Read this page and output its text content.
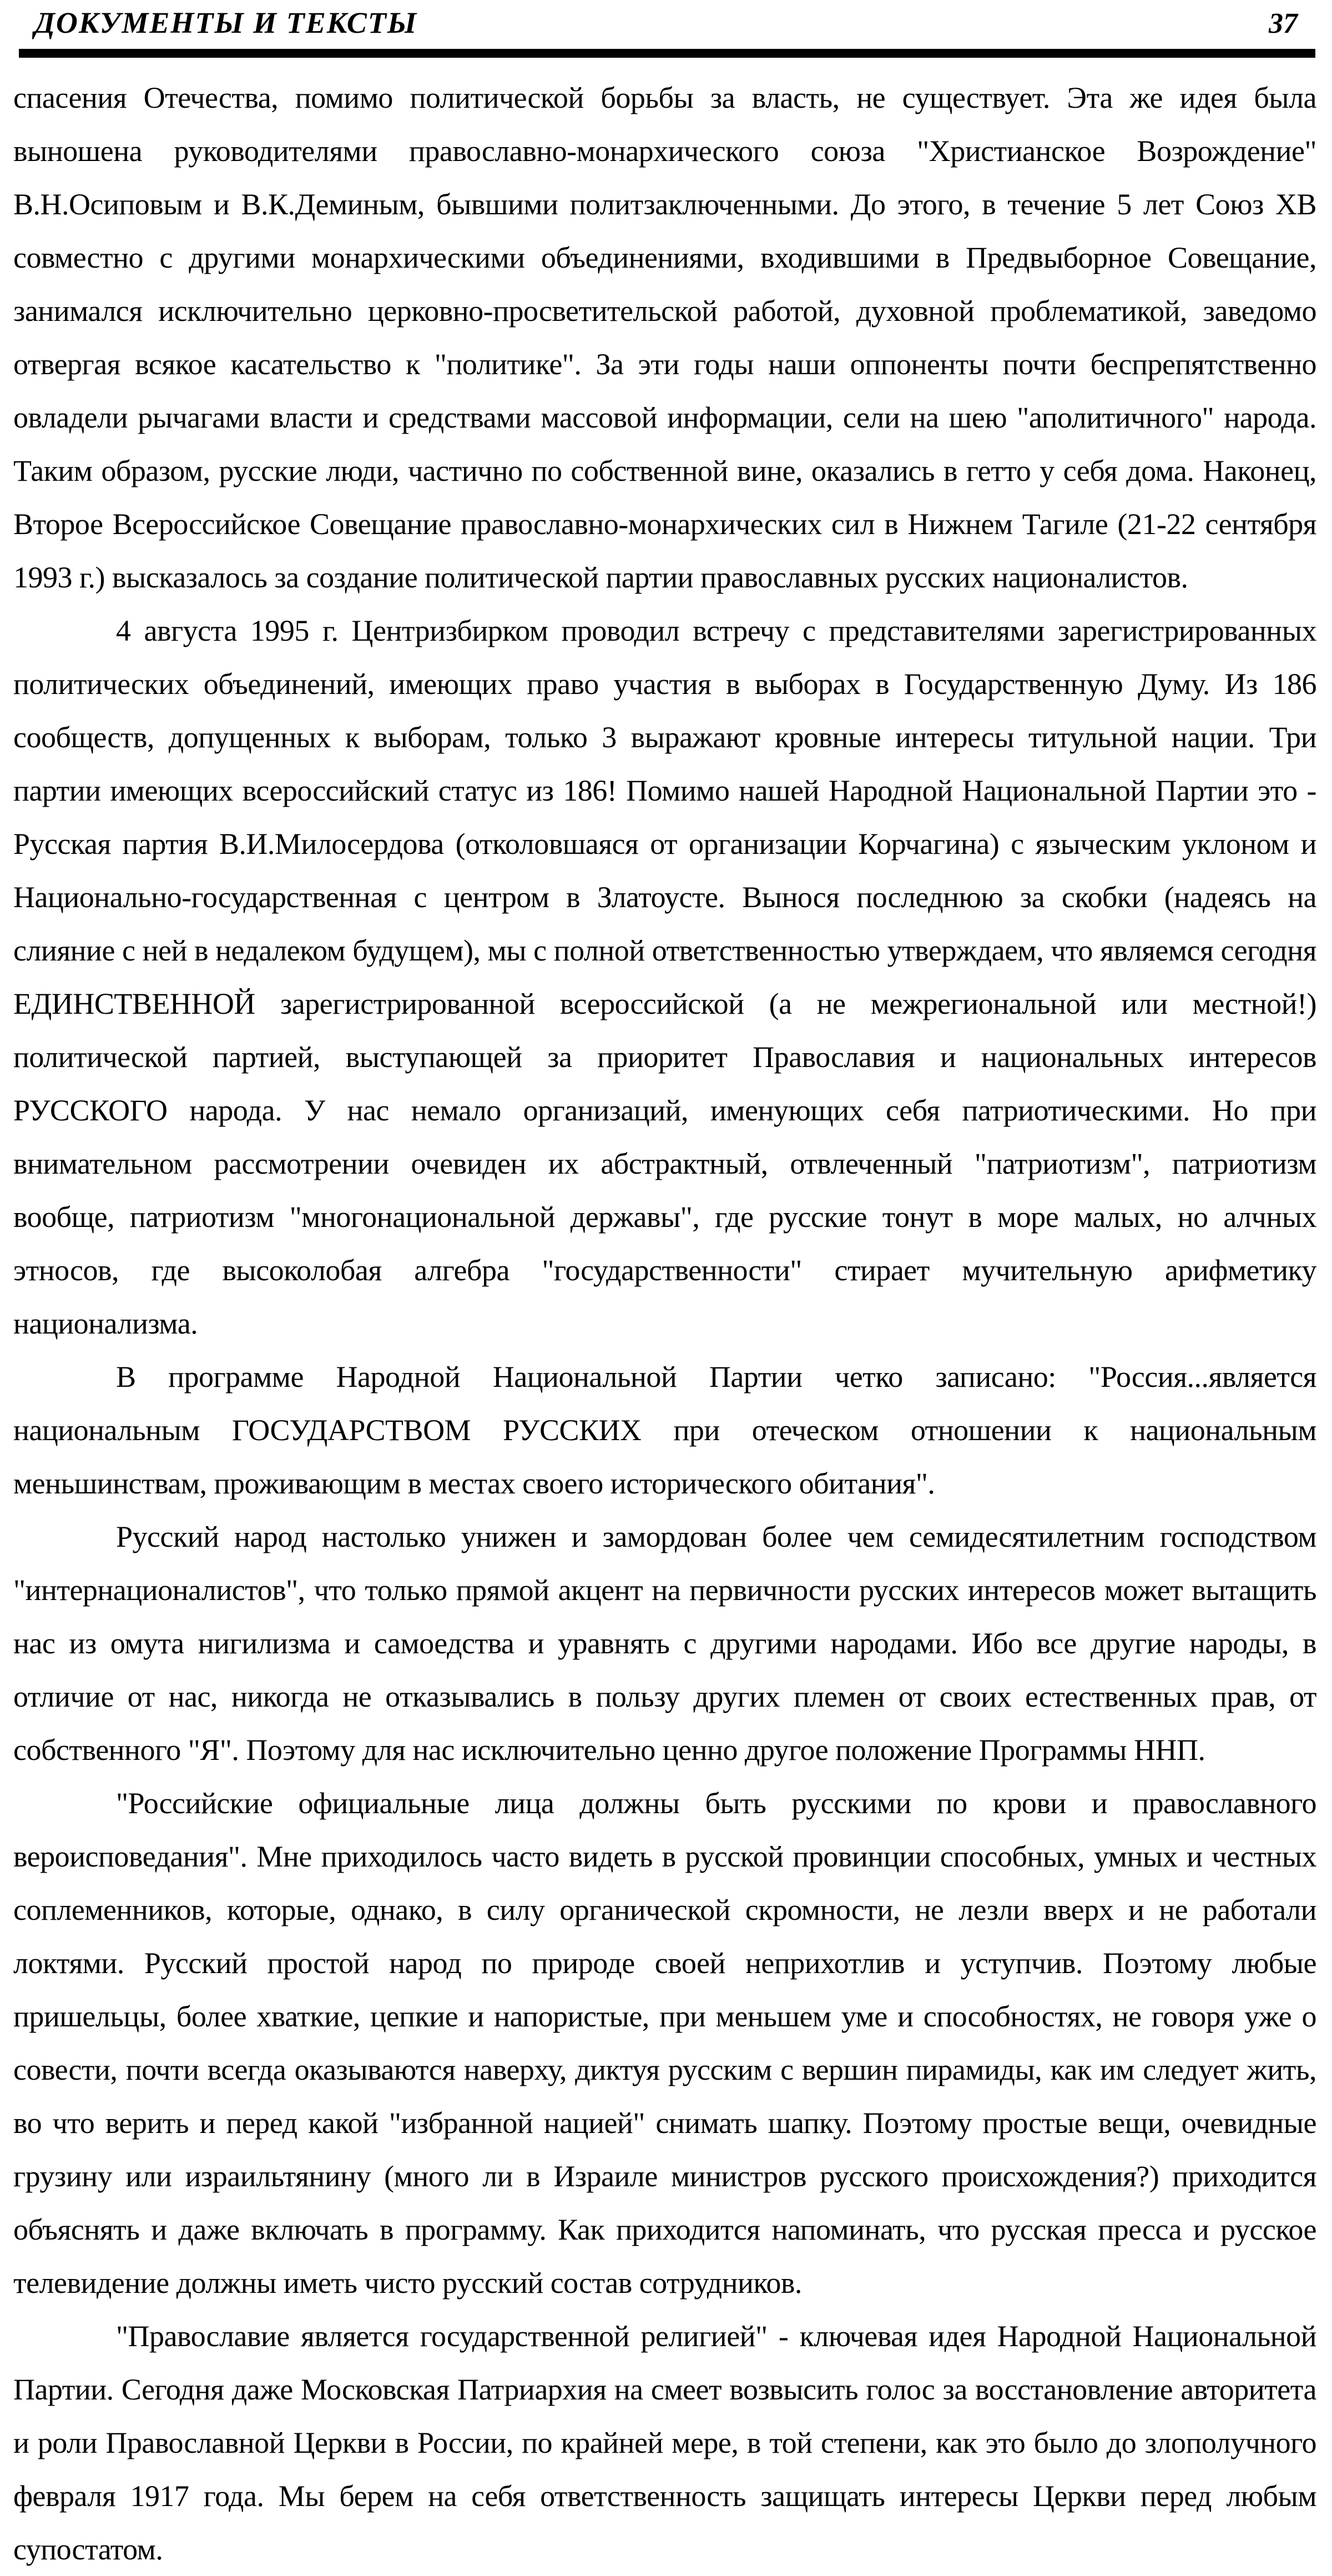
ДОКУМЕНТЫ И ТЕКСТЫ	37

спасения Отечества, помимо политической борьбы за власть, не существует. Эта же идея была выношена руководителями православно-монархического союза "Христианское Возрождение" В.Н.Осиповым и В.К.Деминым, бывшими политзаключенными. До этого, в течение 5 лет Союз ХВ совместно с другими монархическими объединениями, входившими в Предвыборное Совещание, занимался исключительно церковно-просветительской работой, духовной проблематикой, заведомо отвергая всякое касательство к "политике". За эти годы наши оппоненты почти беспрепятственно овладели рычагами власти и средствами массовой информации, сели на шею "аполитичного" народа. Таким образом, русские люди, частично по собственной вине, оказались в гетто у себя дома. Наконец, Второе Всероссийское Совещание православно-монархических сил в Нижнем Тагиле (21-22 сентября 1993 г.) высказалось за создание политической партии православных русских националистов.

4 августа 1995 г. Центризбирком проводил встречу с представителями зарегистрированных политических объединений, имеющих право участия в выборах в Государственную Думу. Из 186 сообществ, допущенных к выборам, только 3 выражают кровные интересы титульной нации. Три партии имеющих всероссийский статус из 186! Помимо нашей Народной Национальной Партии это - Русская партия В.И.Милосердова (отколовшаяся от организации Корчагина) с языческим уклоном и Национально-государственная с центром в Златоусте. Вынося последнюю за скобки (надеясь на слияние с ней в недалеком будущем), мы с полной ответственностью утверждаем, что являемся сегодня ЕДИНСТВЕННОЙ зарегистрированной всероссийской (а не межрегиональной или местной!) политической партией, выступающей за приоритет Православия и национальных интересов РУССКОГО народа. У нас немало организаций, именующих себя патриотическими. Но при внимательном рассмотрении очевиден их абстрактный, отвлеченный "патриотизм", патриотизм вообще, патриотизм "многонациональной державы", где русские тонут в море малых, но алчных этносов, где высоколобая алгебра "государственности" стирает мучительную арифметику национализма.

В программе Народной Национальной Партии четко записано: "Россия...является национальным ГОСУДАРСТВОМ РУССКИХ при отеческом отношении к национальным меньшинствам, проживающим в местах своего исторического обитания".

Русский народ настолько унижен и замордован более чем семидесятилетним господством "интернационалистов", что только прямой акцент на первичности русских интересов может вытащить нас из омута нигилизма и самоедства и уравнять с другими народами. Ибо все другие народы, в отличие от нас, никогда не отказывались в пользу других племен от своих естественных прав, от собственного "Я". Поэтому для нас исключительно ценно другое положение Программы ННП.

"Российские официальные лица должны быть русскими по крови и православного вероисповедания". Мне приходилось часто видеть в русской провинции способных, умных и честных соплеменников, которые, однако, в силу органической скромности, не лезли вверх и не работали локтями. Русский простой народ по природе своей неприхотлив и уступчив. Поэтому любые пришельцы, более хваткие, цепкие и напористые, при меньшем уме и способностях, не говоря уже о совести, почти всегда оказываются наверху, диктуя русским с вершин пирамиды, как им следует жить, во что верить и перед какой "избранной нацией" снимать шапку. Поэтому простые вещи, очевидные грузину или израильтянину (много ли в Израиле министров русского происхождения?) приходится объяснять и даже включать в программу. Как приходится напоминать, что русская пресса и русское телевидение должны иметь чисто русский состав сотрудников.

"Православие является государственной религией" - ключевая идея Народной Национальной Партии. Сегодня даже Московская Патриархия на смеет возвысить голос за восстановление авторитета и роли Православной Церкви в России, по крайней мере, в той степени, как это было до злополучного февраля 1917 года. Мы берем на себя ответственность защищать интересы Церкви перед любым супостатом.
